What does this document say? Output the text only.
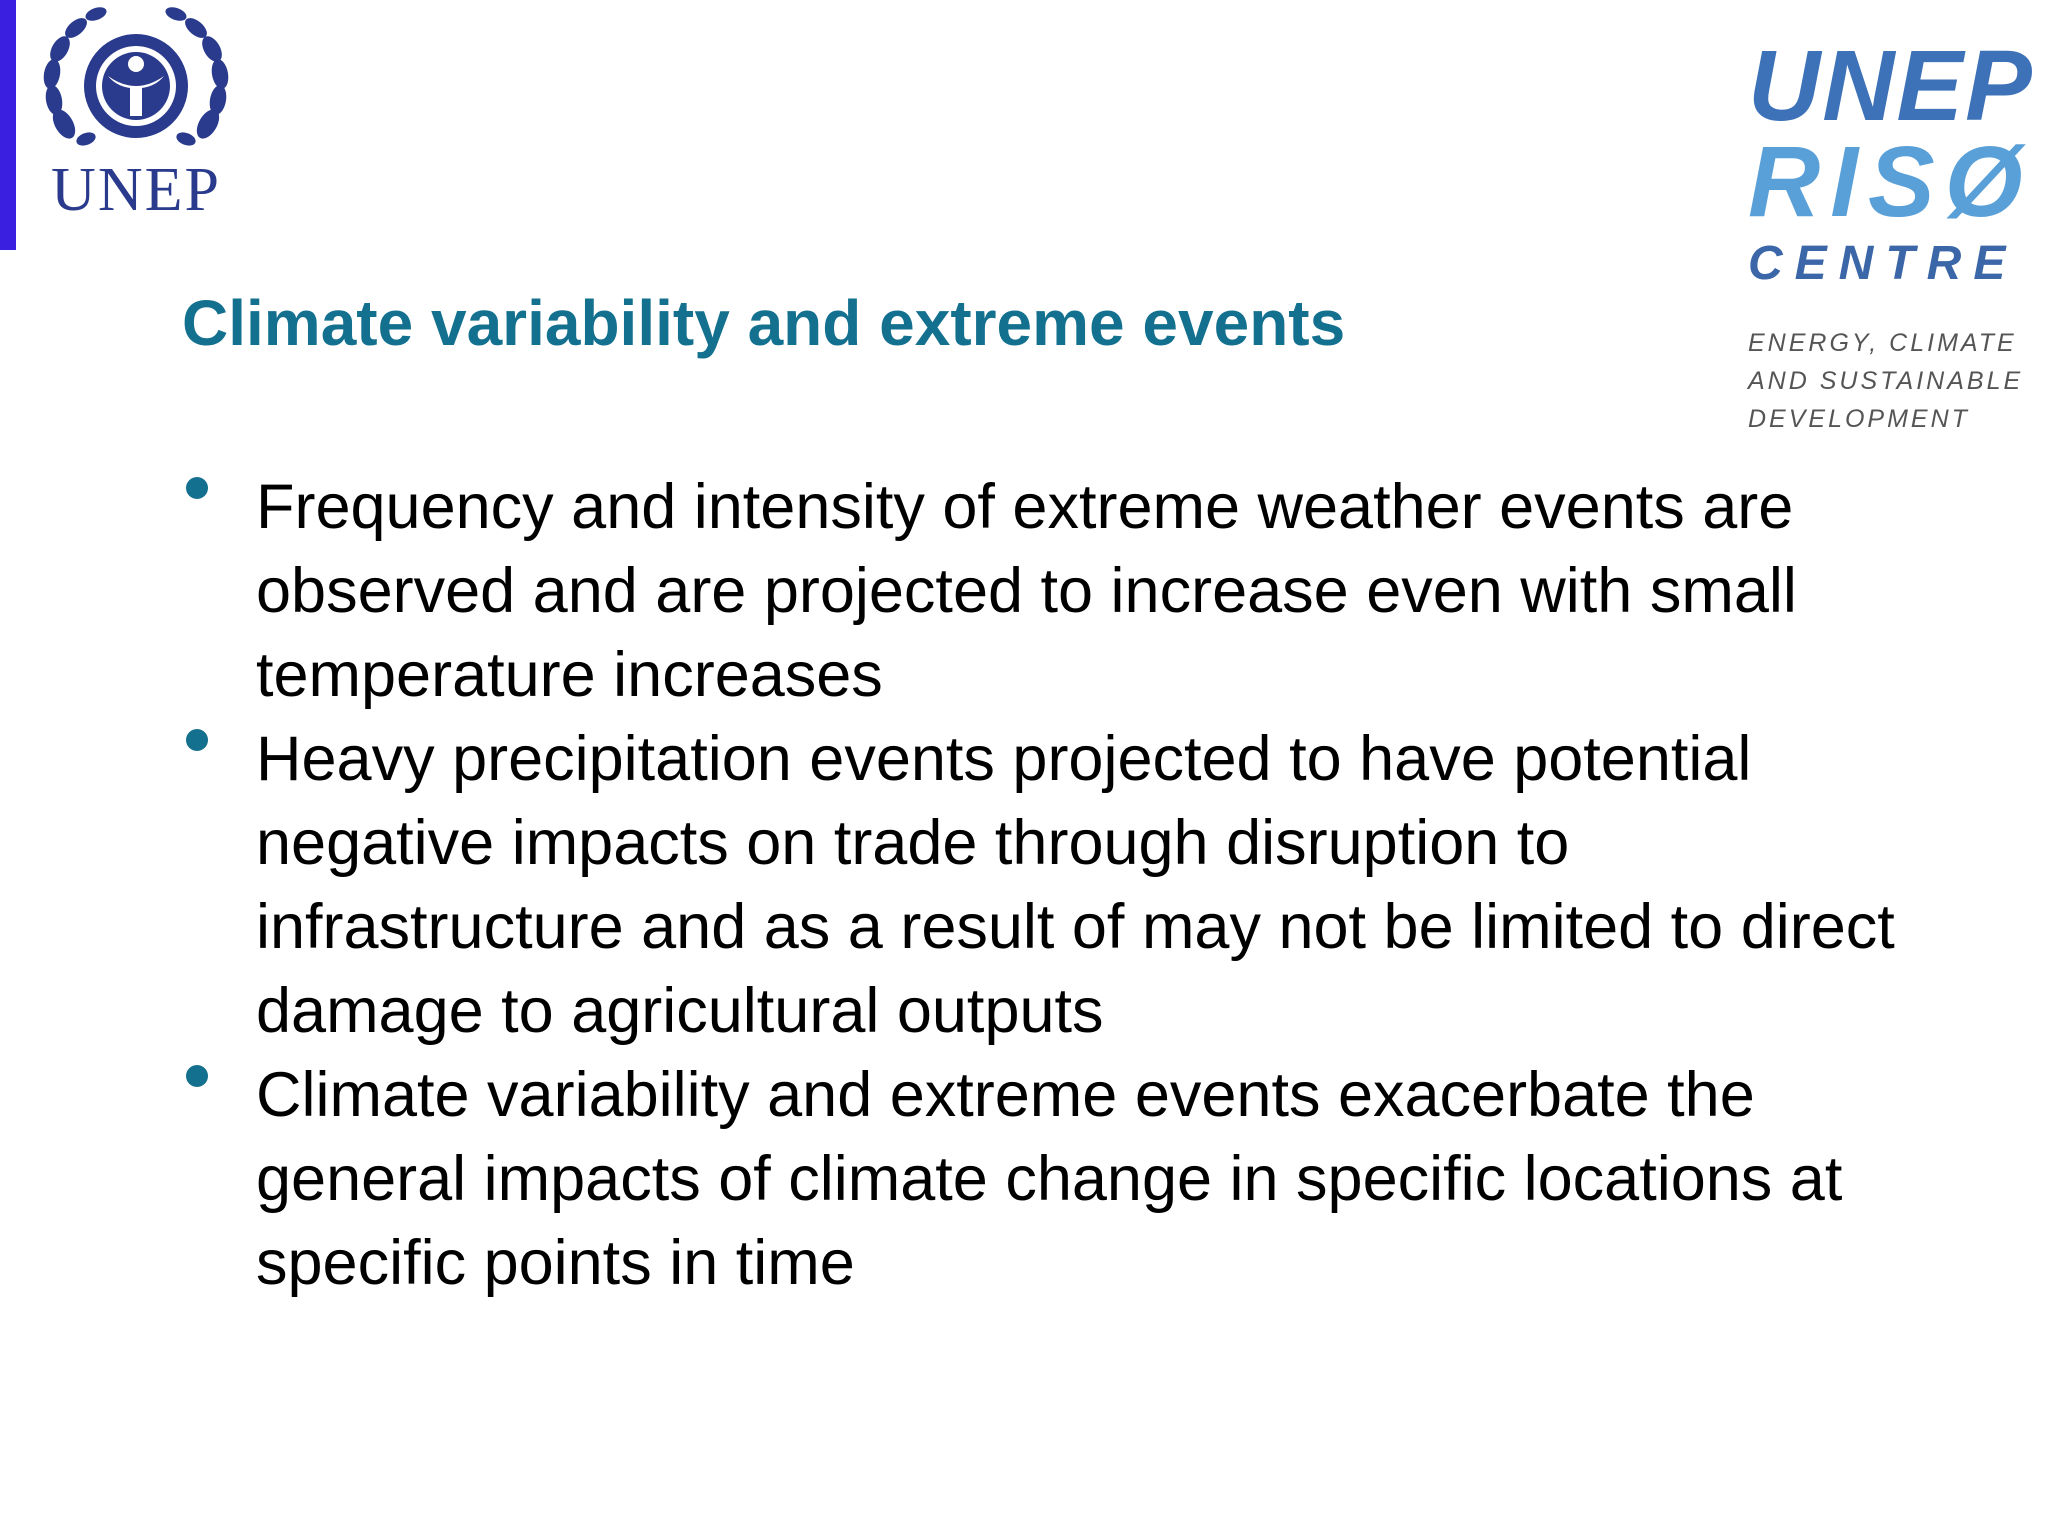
UNEP
UNEP
RISØ
CENTRE
ENERGY, CLIMATE
AND SUSTAINABLE
DEVELOPMENT
Climate variability and extreme events
Frequency and intensity of extreme weather events are observed and are projected to increase even with small temperature increases
Heavy precipitation events projected to have potential negative impacts on trade through disruption to infrastructure and as a result of may not be limited to direct damage to agricultural outputs
Climate variability and extreme events exacerbate the general impacts of climate change in specific locations at specific points in time
